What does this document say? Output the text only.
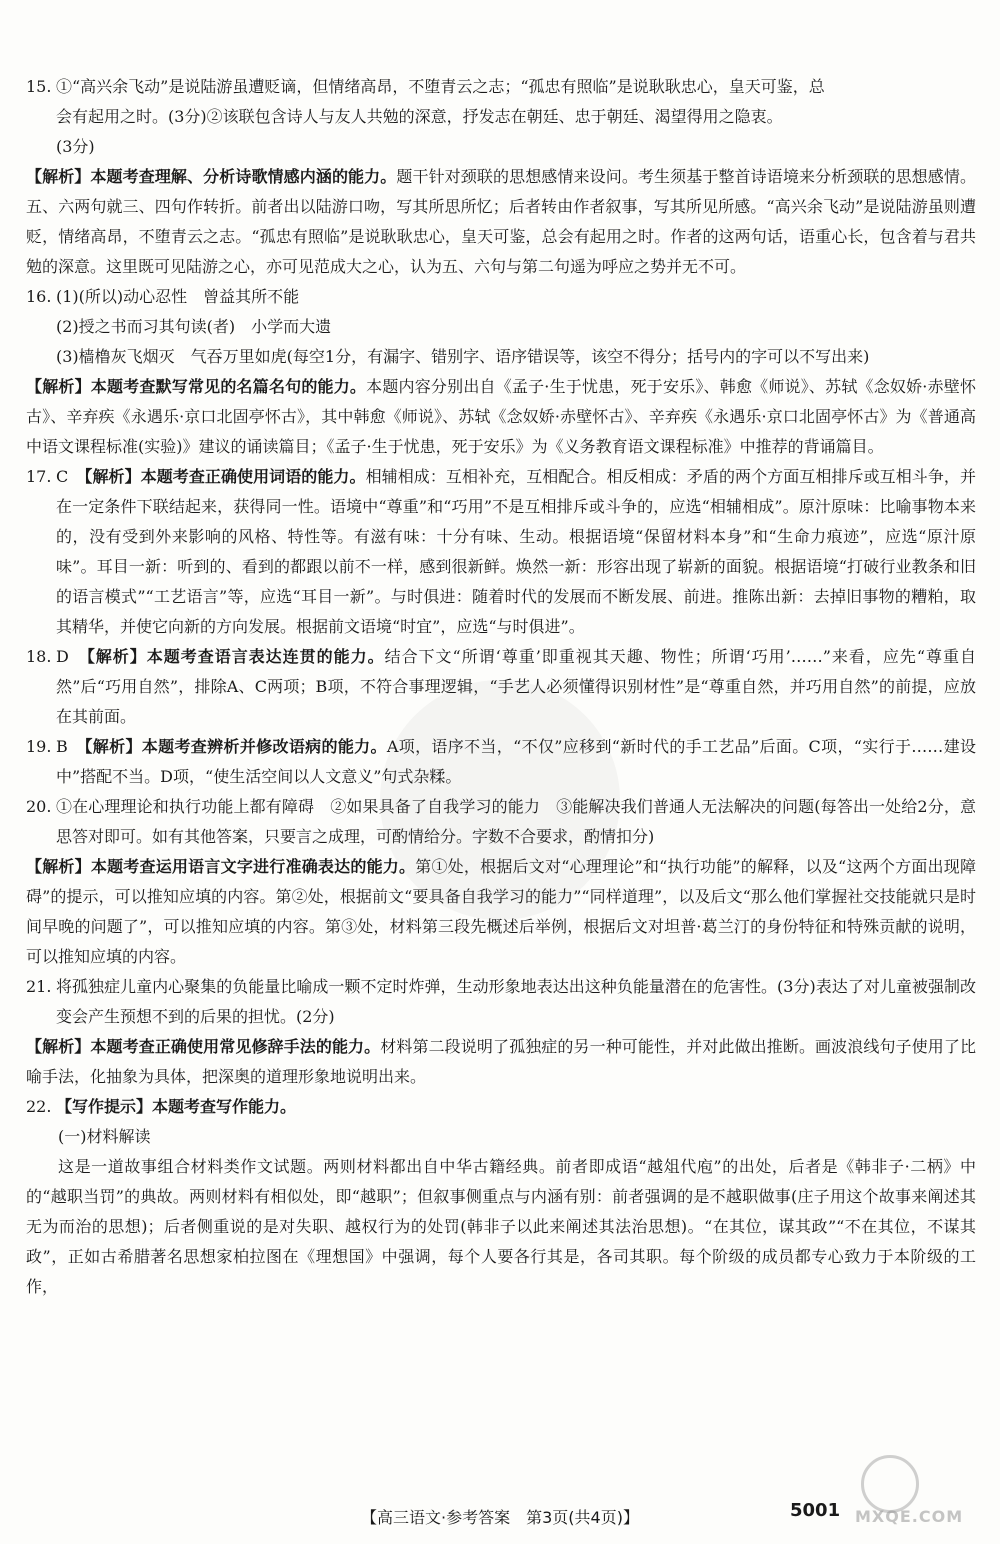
15. ①“高兴余飞动”是说陆游虽遭贬谪，但情绪高昂，不堕青云之志；“孤忠有照临”是说耿耿忠心，皇天可鉴，总
会有起用之时。(3分)②该联包含诗人与友人共勉的深意，抒发志在朝廷、忠于朝廷、渴望得用之隐衷。
(3分)
【解析】本题考查理解、分析诗歌情感内涵的能力。题干针对颈联的思想感情来设问。考生须基于整首诗语境来分析颈联的思想感情。五、六两句就三、四句作转折。前者出以陆游口吻，写其所思所忆；后者转由作者叙事，写其所见所感。“高兴余飞动”是说陆游虽则遭贬，情绪高昂，不堕青云之志。“孤忠有照临”是说耿耿忠心，皇天可鉴，总会有起用之时。作者的这两句话，语重心长，包含着与君共勉的深意。这里既可见陆游之心，亦可见范成大之心，认为五、六句与第二句遥为呼应之势并无不可。
16. (1)(所以)动心忍性　曾益其所不能
(2)授之书而习其句读(者)　小学而大遗
(3)樯橹灰飞烟灭　气吞万里如虎(每空1分，有漏字、错别字、语序错误等，该空不得分；括号内的字可以不写出来)
【解析】本题考查默写常见的名篇名句的能力。本题内容分别出自《孟子·生于忧患，死于安乐》、韩愈《师说》、苏轼《念奴娇·赤壁怀古》、辛弃疾《永遇乐·京口北固亭怀古》，其中韩愈《师说》、苏轼《念奴娇·赤壁怀古》、辛弃疾《永遇乐·京口北固亭怀古》为《普通高中语文课程标准(实验)》建议的诵读篇目；《孟子·生于忧患，死于安乐》为《义务教育语文课程标准》中推荐的背诵篇目。
17. C　 【解析】本题考查正确使用词语的能力。相辅相成：互相补充，互相配合。相反相成：矛盾的两个方面互相排斥或互相斗争，并在一定条件下联结起来，获得同一性。语境中“尊重”和“巧用”不是互相排斥或斗争的，应选“相辅相成”。原汁原味：比喻事物本来的，没有受到外来影响的风格、特性等。有滋有味：十分有味、生动。根据语境“保留材料本身”和“生命力痕迹”，应选“原汁原味”。耳目一新：听到的、看到的都跟以前不一样，感到很新鲜。焕然一新：形容出现了崭新的面貌。根据语境“打破行业教条和旧的语言模式”“工艺语言”等，应选“耳目一新”。与时俱进：随着时代的发展而不断发展、前进。推陈出新：去掉旧事物的糟粕，取其精华，并使它向新的方向发展。根据前文语境“时宜”，应选“与时俱进”。
18. D　 【解析】本题考查语言表达连贯的能力。结合下文“所谓‘尊重’即重视其天趣、物性；所谓‘巧用’……”来看，应先“尊重自然”后“巧用自然”，排除A、C两项；B项，不符合事理逻辑，“手艺人必须懂得识别材性”是“尊重自然，并巧用自然”的前提，应放在其前面。
19. B　 【解析】本题考查辨析并修改语病的能力。A项，语序不当，“不仅”应移到“新时代的手工艺品”后面。C项，“实行于……建设中”搭配不当。D项，“使生活空间以人文意义”句式杂糅。
20. ①在心理理论和执行功能上都有障碍　②如果具备了自我学习的能力　③能解决我们普通人无法解决的问题(每答出一处给2分，意思答对即可。如有其他答案，只要言之成理，可酌情给分。字数不合要求，酌情扣分)
【解析】本题考查运用语言文字进行准确表达的能力。第①处，根据后文对“心理理论”和“执行功能”的解释，以及“这两个方面出现障碍”的提示，可以推知应填的内容。第②处，根据前文“要具备自我学习的能力”“同样道理”，以及后文“那么他们掌握社交技能就只是时间早晚的问题了”，可以推知应填的内容。第③处，材料第三段先概述后举例，根据后文对坦普·葛兰汀的身份特征和特殊贡献的说明，可以推知应填的内容。
21. 将孤独症儿童内心聚集的负能量比喻成一颗不定时炸弹，生动形象地表达出这种负能量潜在的危害性。(3分)表达了对儿童被强制改变会产生预想不到的后果的担忧。(2分)
【解析】本题考查正确使用常见修辞手法的能力。材料第二段说明了孤独症的另一种可能性，并对此做出推断。画波浪线句子使用了比喻手法，化抽象为具体，把深奥的道理形象地说明出来。
22. 【写作提示】本题考查写作能力。
(一)材料解读
这是一道故事组合材料类作文试题。两则材料都出自中华古籍经典。前者即成语“越俎代庖”的出处，后者是《韩非子·二柄》中的“越职当罚”的典故。两则材料有相似处，即“越职”；但叙事侧重点与内涵有别：前者强调的是不越职做事(庄子用这个故事来阐述其无为而治的思想)；后者侧重说的是对失职、越权行为的处罚(韩非子以此来阐述其法治思想)。“在其位，谋其政”“不在其位，不谋其政”，正如古希腊著名思想家柏拉图在《理想国》中强调，每个人要各行其是，各司其职。每个阶级的成员都专心致力于本阶级的工作，
【高三语文·参考答案　第3页(共4页)】	5001 MXQE.COM
